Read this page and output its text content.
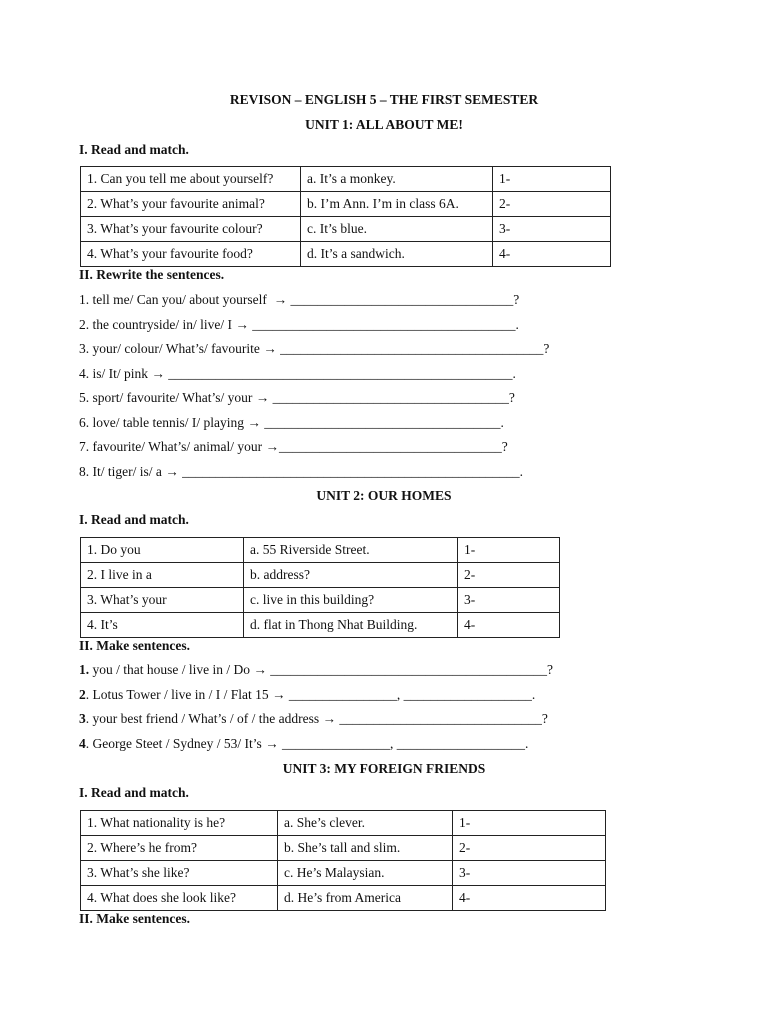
REVISON – ENGLISH 5 – THE FIRST SEMESTER
UNIT 1: ALL ABOUT ME!
I. Read and match.
1. Can you tell me about yourself?	a. It’s a monkey.	1-
2. What’s your favourite animal?	b. I’m Ann. I’m in class 6A.	2-
3. What’s your favourite colour?	c. It’s blue.	3-
4. What’s your favourite food?	d. It’s a sandwich.	4-
II. Rewrite the sentences.
1. tell me/ Can you/ about yourself  → _________________________________?
2. the countryside/ in/ live/ I → _______________________________________.
3. your/ colour/ What’s/ favourite → _______________________________________?
4. is/ It/ pink → ___________________________________________________.
5. sport/ favourite/ What’s/ your → ___________________________________?
6. love/ table tennis/ I/ playing → ___________________________________.
7. favourite/ What’s/ animal/ your →_________________________________?
8. It/ tiger/ is/ a → __________________________________________________.
UNIT 2: OUR HOMES
I. Read and match.
1. Do you	a. 55 Riverside Street.	1-
2. I live in a	b. address?	2-
3. What’s your	c. live in this building?	3-
4. It’s	d. flat in Thong Nhat Building.	4-
II. Make sentences.
1. you / that house / live in / Do → _________________________________________?
2. Lotus Tower / live in / I / Flat 15 → ________________, ___________________.
3. your best friend / What’s / of / the address → ______________________________?
4. George Steet / Sydney / 53/ It’s → ________________, ___________________.
UNIT 3: MY FOREIGN FRIENDS
I. Read and match.
1. What nationality is he?	a. She’s clever.	1-
2. Where’s he from?	b. She’s tall and slim.	2-
3. What’s she like?	c. He’s Malaysian.	3-
4. What does she look like?	d. He’s from America	4-
II. Make sentences.
